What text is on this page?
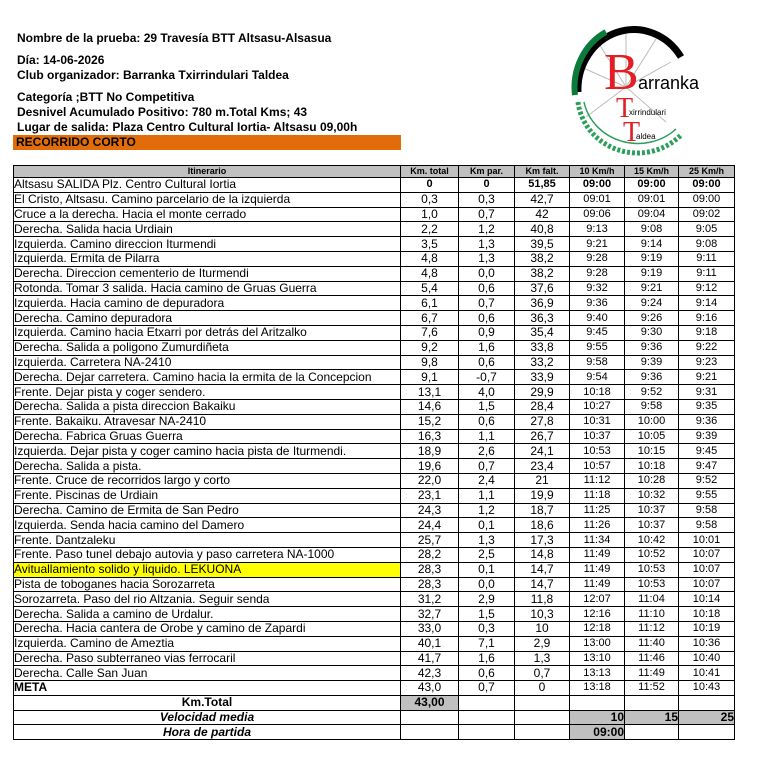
Nombre de la prueba: 29 Travesía BTT Altsasu-Alsasua
Día: 14-06-2026
Club organizador: Barranka Txirrindulari Taldea
Categoría ;BTT No Competitiva
Desnivel Acumulado Positivo: 780 m.Total Kms; 43
Lugar de salida: Plaza Centro Cultural Iortia- Altsasu 09,00h
RECORRIDO CORTO
B arranka
T
xirrindulari
T
aldea
Itinerario	Km. total	Km par.	Km falt.	10 Km/h	15 Km/h	25 Km/h
Altsasu SALIDA Plz. Centro Cultural Iortia	0	0	51,85	09:00	09:00	09:00
El Cristo, Altsasu. Camino parcelario de la izquierda	0,3	0,3	42,7	09:01	09:01	09:00
Cruce a la derecha. Hacia el monte cerrado	1,0	0,7	42	09:06	09:04	09:02
Derecha. Salida hacia Urdiain	2,2	1,2	40,8	9:13	9:08	9:05
Izquierda. Camino direccion Iturmendi	3,5	1,3	39,5	9:21	9:14	9:08
Izquierda. Ermita de Pilarra	4,8	1,3	38,2	9:28	9:19	9:11
Derecha. Direccion cementerio de Iturmendi	4,8	0,0	38,2	9:28	9:19	9:11
Rotonda. Tomar 3 salida. Hacia camino de Gruas Guerra	5,4	0,6	37,6	9:32	9:21	9:12
Izquierda. Hacia camino de depuradora	6,1	0,7	36,9	9:36	9:24	9:14
Derecha. Camino depuradora	6,7	0,6	36,3	9:40	9:26	9:16
Izquierda. Camino hacia Etxarri por detrás del Aritzalko	7,6	0,9	35,4	9:45	9:30	9:18
Derecha. Salida a poligono Zumurdiñeta	9,2	1,6	33,8	9:55	9:36	9:22
Izquierda. Carretera NA-2410	9,8	0,6	33,2	9:58	9:39	9:23
Derecha. Dejar carretera. Camino hacia la ermita de la Concepcion	9,1	-0,7	33,9	9:54	9:36	9:21
Frente. Dejar pista y coger sendero.	13,1	4,0	29,9	10:18	9:52	9:31
Derecha. Salida a pista direccion Bakaiku	14,6	1,5	28,4	10:27	9:58	9:35
Frente. Bakaiku. Atravesar NA-2410	15,2	0,6	27,8	10:31	10:00	9:36
Derecha. Fabrica Gruas Guerra	16,3	1,1	26,7	10:37	10:05	9:39
Izquierda. Dejar pista y coger camino hacia pista de Iturmendi.	18,9	2,6	24,1	10:53	10:15	9:45
Derecha. Salida a pista.	19,6	0,7	23,4	10:57	10:18	9:47
Frente. Cruce de recorridos largo y corto	22,0	2,4	21	11:12	10:28	9:52
Frente. Piscinas de Urdiain	23,1	1,1	19,9	11:18	10:32	9:55
Derecha. Camino de Ermita de San Pedro	24,3	1,2	18,7	11:25	10:37	9:58
Izquierda. Senda hacia camino del Damero	24,4	0,1	18,6	11:26	10:37	9:58
Frente. Dantzaleku	25,7	1,3	17,3	11:34	10:42	10:01
Frente. Paso tunel debajo autovia y paso carretera NA-1000	28,2	2,5	14,8	11:49	10:52	10:07
Avituallamiento solido y liquido. LEKUONA	28,3	0,1	14,7	11:49	10:53	10:07
Pista de toboganes hacia Sorozarreta	28,3	0,0	14,7	11:49	10:53	10:07
Sorozarreta. Paso del rio Altzania. Seguir senda	31,2	2,9	11,8	12:07	11:04	10:14
Derecha. Salida a camino de Urdalur.	32,7	1,5	10,3	12:16	11:10	10:18
Derecha. Hacia cantera de Orobe y camino de Zapardi	33,0	0,3	10	12:18	11:12	10:19
Izquierda. Camino de Ameztia	40,1	7,1	2,9	13:00	11:40	10:36
Derecha. Paso subterraneo vias ferrocaril	41,7	1,6	1,3	13:10	11:46	10:40
Derecha. Calle San Juan	42,3	0,6	0,7	13:13	11:49	10:41
META	43,0	0,7	0	13:18	11:52	10:43
Km.Total	43,00					
Velocidad media				10	15	25
Hora de partida				09:00		
